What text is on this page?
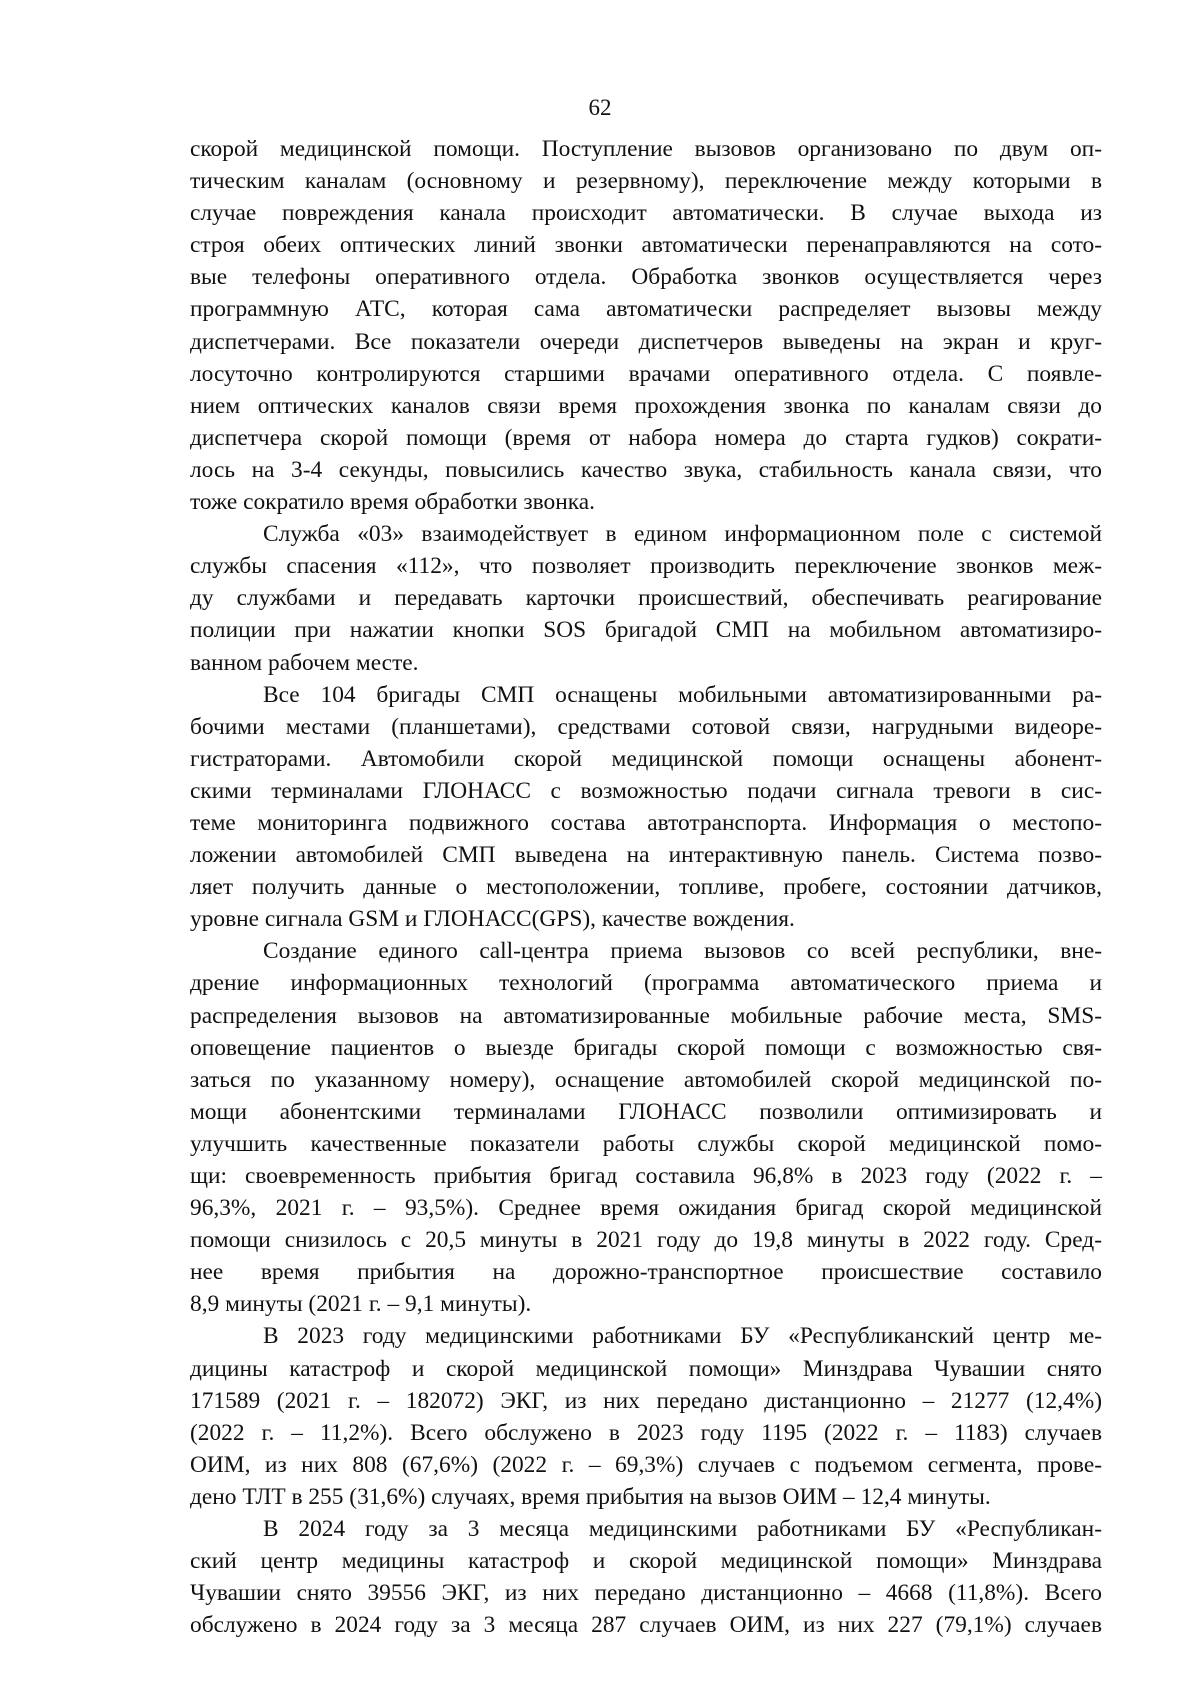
62

скорой медицинской помощи. Поступление вызовов организовано по двум оп-
тическим каналам (основному и резервному), переключение между которыми в
случае повреждения канала происходит автоматически. В случае выхода из
строя обеих оптических линий звонки автоматически перенаправляются на сото-
вые телефоны оперативного отдела. Обработка звонков осуществляется через
программную АТС, которая сама автоматически распределяет вызовы между
диспетчерами. Все показатели очереди диспетчеров выведены на экран и круг-
лосуточно контролируются старшими врачами оперативного отдела. С появле-
нием оптических каналов связи время прохождения звонка по каналам связи до
диспетчера скорой помощи (время от набора номера до старта гудков) сократи-
лось на 3-4 секунды, повысились качество звука, стабильность канала связи, что
тоже сократило время обработки звонка.

Служба «03» взаимодействует в едином информационном поле с системой
службы спасения «112», что позволяет производить переключение звонков меж-
ду службами и передавать карточки происшествий, обеспечивать реагирование
полиции при нажатии кнопки SOS бригадой СМП на мобильном автоматизиро-
ванном рабочем месте.

Все 104 бригады СМП оснащены мобильными автоматизированными ра-
бочими местами (планшетами), средствами сотовой связи, нагрудными видеоре-
гистраторами. Автомобили скорой медицинской помощи оснащены абонент-
скими терминалами ГЛОНАСС с возможностью подачи сигнала тревоги в сис-
теме мониторинга подвижного состава автотранспорта. Информация о местопо-
ложении автомобилей СМП выведена на интерактивную панель. Система позво-
ляет получить данные о местоположении, топливе, пробеге, состоянии датчиков,
уровне сигнала GSM и ГЛОНАСС(GPS), качестве вождения.

Создание единого call-центра приема вызовов со всей республики, вне-
дрение информационных технологий (программа автоматического приема и
распределения вызовов на автоматизированные мобильные рабочие места, SMS-
оповещение пациентов о выезде бригады скорой помощи с возможностью свя-
заться по указанному номеру), оснащение автомобилей скорой медицинской по-
мощи абонентскими терминалами ГЛОНАСС позволили оптимизировать и
улучшить качественные показатели работы службы скорой медицинской помо-
щи: своевременность прибытия бригад составила 96,8% в 2023 году (2022 г. –
96,3%, 2021 г. – 93,5%). Среднее время ожидания бригад скорой медицинской
помощи снизилось с 20,5 минуты в 2021 году до 19,8 минуты в 2022 году. Сред-
нее время прибытия на дорожно-транспортное происшествие составило
8,9 минуты (2021 г. – 9,1 минуты).

В 2023 году медицинскими работниками БУ «Республиканский центр ме-
дицины катастроф и скорой медицинской помощи» Минздрава Чувашии снято
171589 (2021 г. – 182072) ЭКГ, из них передано дистанционно – 21277 (12,4%)
(2022 г. – 11,2%). Всего обслужено в 2023 году 1195 (2022 г. – 1183) случаев
ОИМ, из них 808 (67,6%) (2022 г. – 69,3%) случаев с подъемом сегмента, прове-
дено ТЛТ в 255 (31,6%) случаях, время прибытия на вызов ОИМ – 12,4 минуты.

В 2024 году за 3 месяца медицинскими работниками БУ «Республикан-
ский центр медицины катастроф и скорой медицинской помощи» Минздрава
Чувашии снято 39556 ЭКГ, из них передано дистанционно – 4668 (11,8%). Всего
обслужено в 2024 году за 3 месяца 287 случаев ОИМ, из них 227 (79,1%) случаев
